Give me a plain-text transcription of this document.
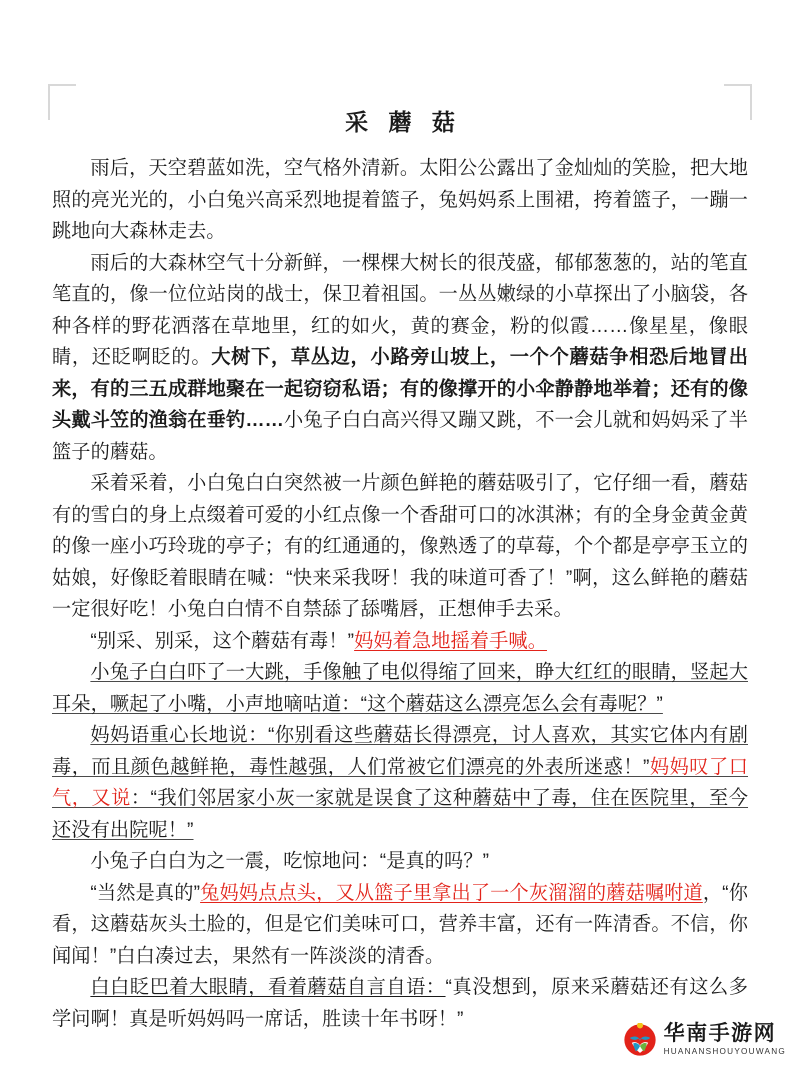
采 蘑 菇

雨后，天空碧蓝如洗，空气格外清新。太阳公公露出了金灿灿的笑脸，把大地照的亮光光的，小白兔兴高采烈地提着篮子，兔妈妈系上围裙，挎着篮子，一蹦一跳地向大森林走去。

雨后的大森林空气十分新鲜，一棵棵大树长的很茂盛，郁郁葱葱的，站的笔直笔直的，像一位位站岗的战士，保卫着祖国。一丛丛嫩绿的小草探出了小脑袋，各种各样的野花洒落在草地里，红的如火，黄的赛金，粉的似霞……像星星，像眼睛，还眨啊眨的。大树下，草丛边，小路旁山坡上，一个个蘑菇争相恐后地冒出来，有的三五成群地聚在一起窃窃私语；有的像撑开的小伞静静地举着；还有的像头戴斗笠的渔翁在垂钓……小兔子白白高兴得又蹦又跳，不一会儿就和妈妈采了半篮子的蘑菇。

采着采着，小白兔白白突然被一片颜色鲜艳的蘑菇吸引了，它仔细一看，蘑菇有的雪白的身上点缀着可爱的小红点像一个香甜可口的冰淇淋；有的全身金黄金黄的像一座小巧玲珑的亭子；有的红通通的，像熟透了的草莓，个个都是亭亭玉立的姑娘，好像眨着眼睛在喊：“快来采我呀！我的味道可香了！”啊，这么鲜艳的蘑菇一定很好吃！小兔白白情不自禁舔了舔嘴唇，正想伸手去采。

“别采、别采，这个蘑菇有毒！”妈妈着急地摇着手喊。

小兔子白白吓了一大跳，手像触了电似得缩了回来，睁大红红的眼睛，竖起大耳朵，噘起了小嘴，小声地嘀咕道：“这个蘑菇这么漂亮怎么会有毒呢？”

妈妈语重心长地说：“你别看这些蘑菇长得漂亮，讨人喜欢，其实它体内有剧毒，而且颜色越鲜艳，毒性越强，人们常被它们漂亮的外表所迷惑！”妈妈叹了口气，又说：“我们邻居家小灰一家就是误食了这种蘑菇中了毒，住在医院里，至今还没有出院呢！”

小兔子白白为之一震，吃惊地问：“是真的吗？”

“当然是真的”兔妈妈点点头，又从篮子里拿出了一个灰溜溜的蘑菇嘱咐道，“你看，这蘑菇灰头土脸的，但是它们美味可口，营养丰富，还有一阵清香。不信，你闻闻！”白白凑过去，果然有一阵淡淡的清香。

白白眨巴着大眼睛，看着蘑菇自言自语：“真没想到，原来采蘑菇还有这么多学问啊！真是听妈妈吗一席话，胜读十年书呀！”

华南手游网
HUANANSHOUYOUWANG
